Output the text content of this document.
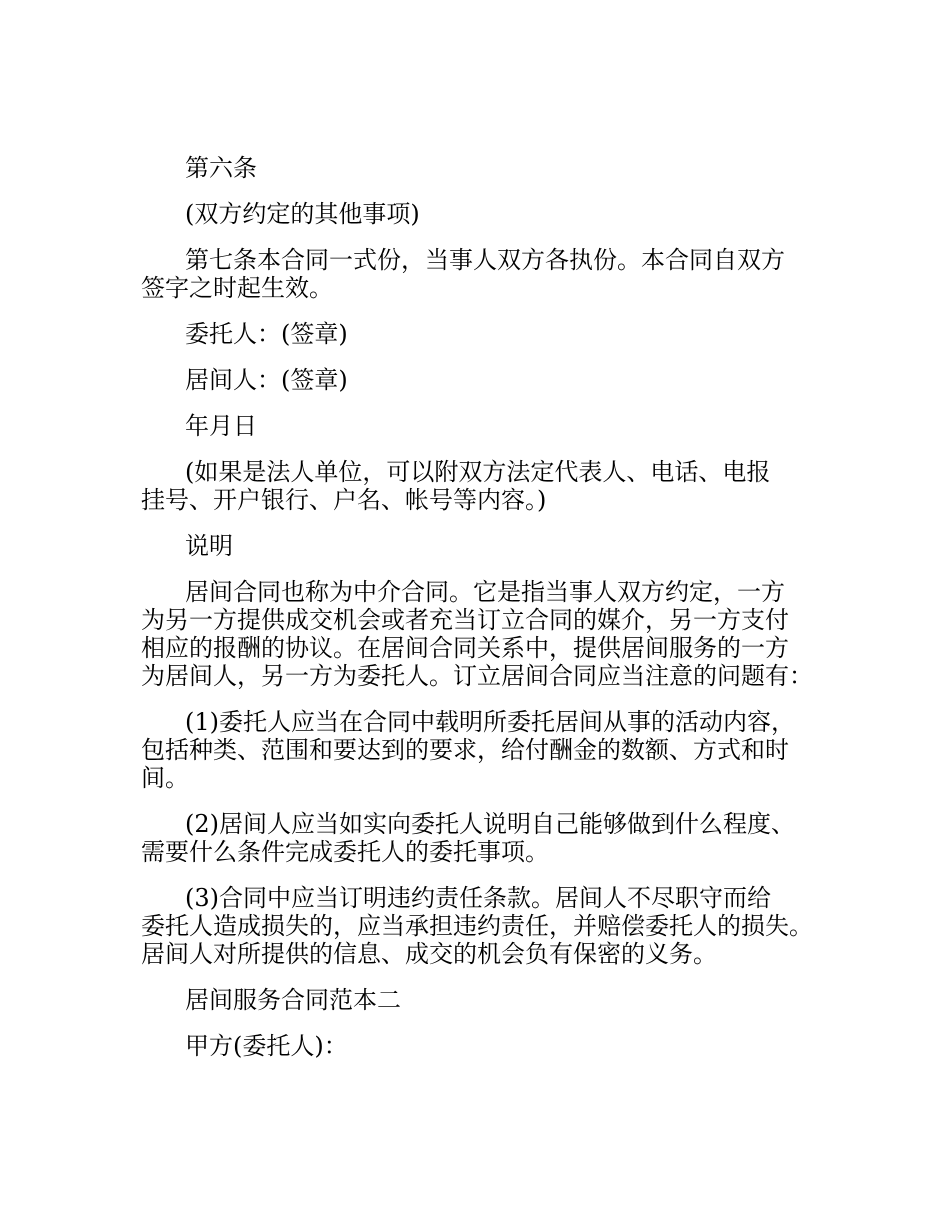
第六条

(双方约定的其他事项)

第七条本合同一式份，当事人双方各执份。本合同自双方
签字之时起生效。

委托人：(签章)

居间人：(签章)

年月日

(如果是法人单位，可以附双方法定代表人、电话、电报
挂号、开户银行、户名、帐号等内容。)

说明

居间合同也称为中介合同。它是指当事人双方约定，一方
为另一方提供成交机会或者充当订立合同的媒介，另一方支付
相应的报酬的协议。在居间合同关系中，提供居间服务的一方
为居间人，另一方为委托人。订立居间合同应当注意的问题有：

(1)委托人应当在合同中载明所委托居间从事的活动内容，
包括种类、范围和要达到的要求，给付酬金的数额、方式和时
间。

(2)居间人应当如实向委托人说明自己能够做到什么程度、
需要什么条件完成委托人的委托事项。

(3)合同中应当订明违约责任条款。居间人不尽职守而给
委托人造成损失的，应当承担违约责任，并赔偿委托人的损失。
居间人对所提供的信息、成交的机会负有保密的义务。

居间服务合同范本二

甲方(委托人)：
